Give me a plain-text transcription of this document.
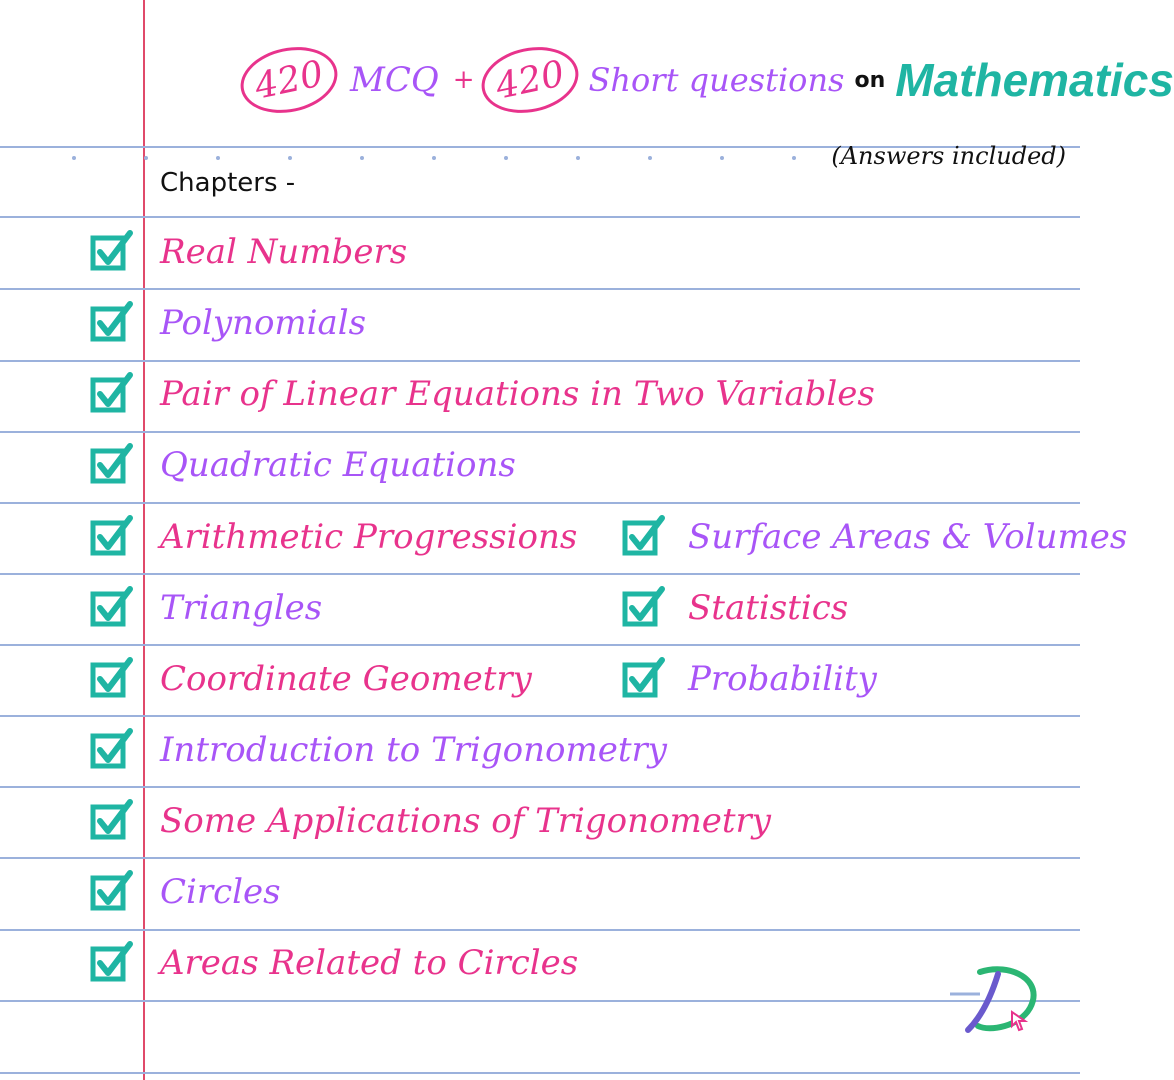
420 MCQ + 420 Short questions on Mathematics
(Answers included)
Chapters -
Real Numbers
Polynomials
Pair of Linear Equations in Two Variables
Quadratic Equations
Arithmetic Progressions
Triangles
Coordinate Geometry
Introduction to Trigonometry
Some Applications of Trigonometry
Circles
Areas Related to Circles
Surface Areas & Volumes
Statistics
Probability
